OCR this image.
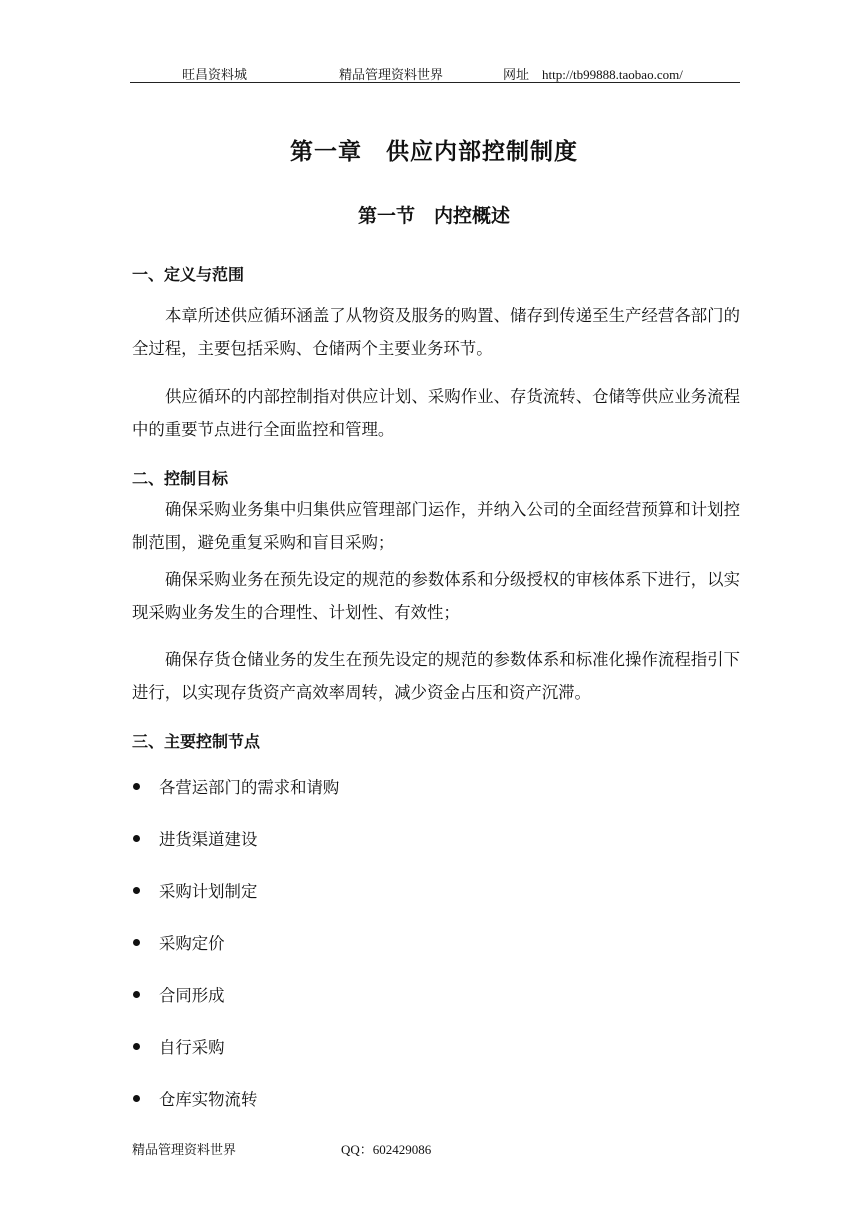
旺昌资料城	精品管理资料世界	网址　http://tb99888.taobao.com/
第一章　供应内部控制制度
第一节　内控概述
一、定义与范围
本章所述供应循环涵盖了从物资及服务的购置、储存到传递至生产经营各部门的全过程，主要包括采购、仓储两个主要业务环节。
供应循环的内部控制指对供应计划、采购作业、存货流转、仓储等供应业务流程中的重要节点进行全面监控和管理。
二、控制目标
确保采购业务集中归集供应管理部门运作，并纳入公司的全面经营预算和计划控制范围，避免重复采购和盲目采购；
确保采购业务在预先设定的规范的参数体系和分级授权的审核体系下进行，以实现采购业务发生的合理性、计划性、有效性；
确保存货仓储业务的发生在预先设定的规范的参数体系和标准化操作流程指引下进行，以实现存货资产高效率周转，减少资金占压和资产沉滞。
三、主要控制节点
各营运部门的需求和请购
进货渠道建设
采购计划制定
采购定价
合同形成
自行采购
仓库实物流转
精品管理资料世界	QQ：602429086
